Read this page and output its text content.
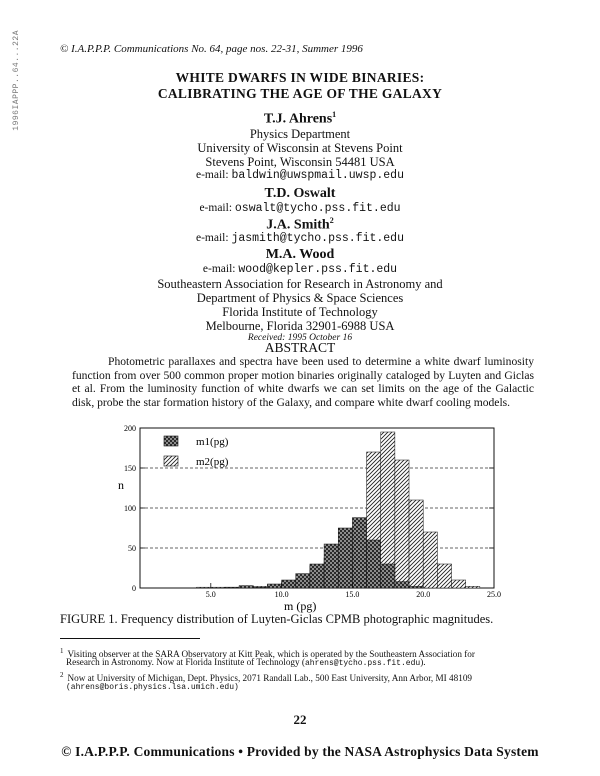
1996IAPPP..64...22A	© I.A.P.P.P. Communications No. 64, page nos. 22-31, Summer 1996
WHITE DWARFS IN WIDE BINARIES:
CALIBRATING THE AGE OF THE GALAXY
T.J. Ahrens$^1$
Physics Department
University of Wisconsin at Stevens Point
Stevens Point, Wisconsin 54481 USA
e-mail: baldwin@uwspmail.uwsp.edu
T.D. Oswalt
e-mail: oswalt@tycho.pss.fit.edu
J.A. Smith$^2$
e-mail: jasmith@tycho.pss.fit.edu
M.A. Wood
e-mail: wood@kepler.pss.fit.edu
Southeastern Association for Research in Astronomy and
Department of Physics & Space Sciences
Florida Institute of Technology
Melbourne, Florida 32901-6988 USA
Received: 1995 October 16
ABSTRACT
Photometric parallaxes and spectra have been used to determine a white dwarf luminosity function from over 500 common proper motion binaries originally cataloged by Luyten and Giclas et al. From the luminosity function of white dwarfs we can set limits on the age of the Galactic disk, probe the star formation history of the Galaxy, and compare white dwarf cooling models.
0
50
100
150
200
5.0	10.0	15.0	20.0	25.0
n
m (pg)
m1(pg)
m2(pg)
FIGURE 1. Frequency distribution of Luyten-Giclas CPMB photographic magnitudes.
$^1$ Visiting observer at the SARA Observatory at Kitt Peak, which is operated by the Southeastern Association for
Research in Astronomy. Now at Florida Institute of Technology (ahrens@tycho.pss.fit.edu).
$^2$ Now at University of Michigan, Dept. Physics, 2071 Randall Lab., 500 East University, Ann Arbor, MI 48109
(ahrens@boris.physics.lsa.umich.edu)
22
© I.A.P.P.P. Communications • Provided by the NASA Astrophysics Data System
